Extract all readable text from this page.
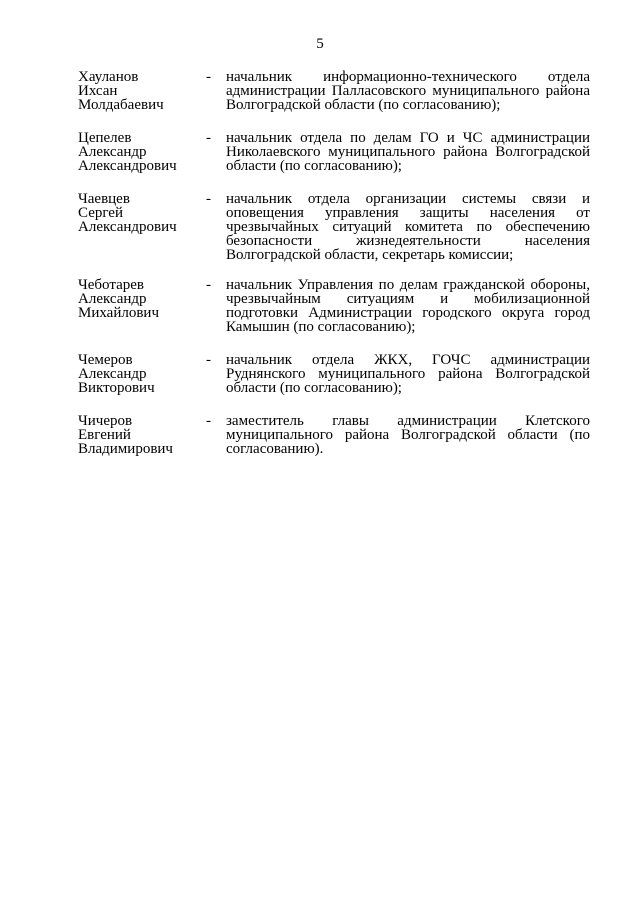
5
Хауланов
Ихсан
Молдабаевич
-	начальник информационно-технического отдела администрации Палласовского муниципального района Волгоградской области (по согласованию);
Цепелев
Александр
Александрович
-	начальник отдела по делам ГО и ЧС администрации Николаевского муниципального района Волгоградской области (по согласованию);
Чаевцев
Сергей
Александрович
-	начальник отдела организации системы связи и оповещения управления защиты населения от чрезвычайных ситуаций комитета по обеспечению безопасности жизнедеятельности населения Волгоградской области, секретарь комиссии;
Чеботарев
Александр
Михайлович
-	начальник Управления по делам гражданской обороны, чрезвычайным ситуациям и мобилизационной подготовки Администрации городского округа город Камышин (по согласованию);
Чемеров
Александр
Викторович
-	начальник отдела ЖКХ, ГОЧС администрации Руднянского муниципального района Волгоградской области (по согласованию);
Чичеров
Евгений
Владимирович
-	заместитель главы администрации Клетского муниципального района Волгоградской области (по согласованию).
